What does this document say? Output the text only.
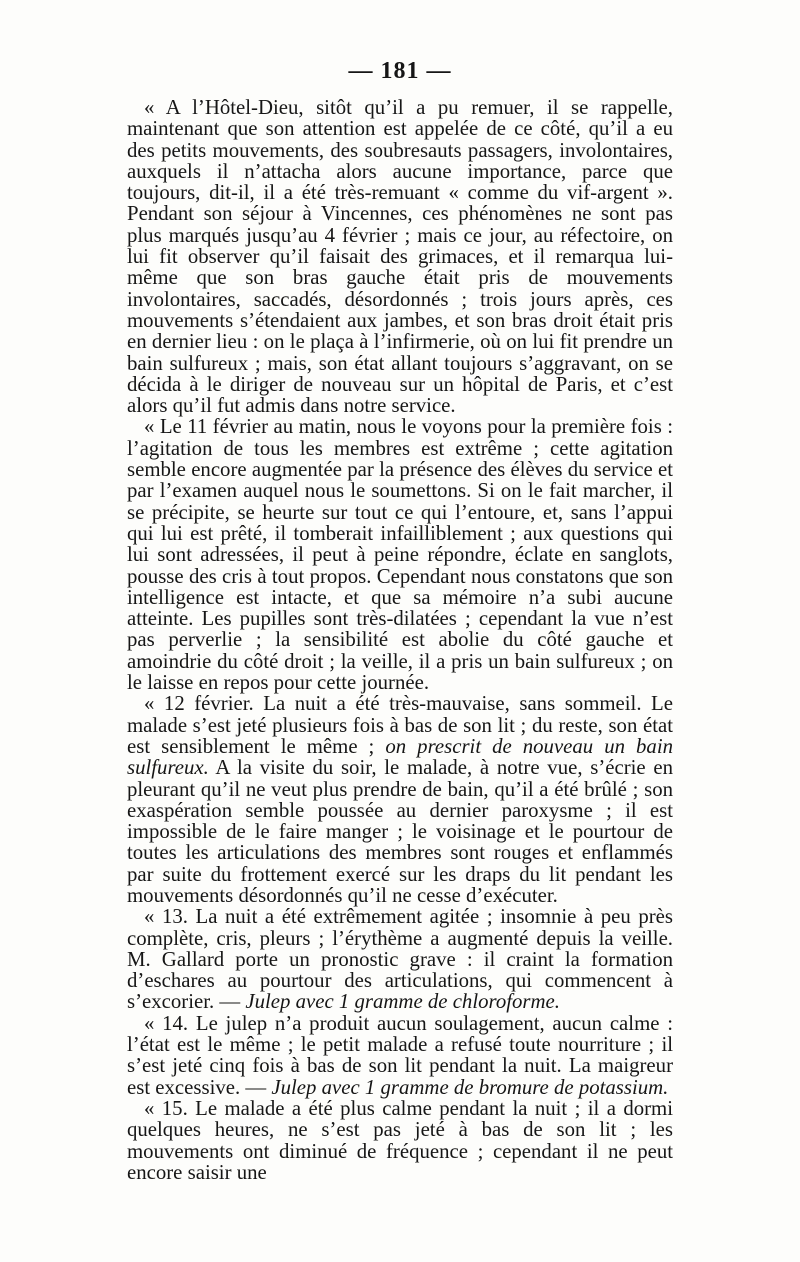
— 181 —

« A l’Hôtel-Dieu, sitôt qu’il a pu remuer, il se rappelle, maintenant que son attention est appelée de ce côté, qu’il a eu des petits mouvements, des soubresauts passagers, involontaires, auxquels il n’attacha alors aucune importance, parce que toujours, dit-il, il a été très-remuant « comme du vif-argent ». Pendant son séjour à Vincennes, ces phénomènes ne sont pas plus marqués jusqu’au 4 février ; mais ce jour, au réfectoire, on lui fit observer qu’il faisait des grimaces, et il remarqua lui-même que son bras gauche était pris de mouvements involontaires, saccadés, désordonnés ; trois jours après, ces mouvements s’étendaient aux jambes, et son bras droit était pris en dernier lieu : on le plaça à l’infirmerie, où on lui fit prendre un bain sulfureux ; mais, son état allant toujours s’aggravant, on se décida à le diriger de nouveau sur un hôpital de Paris, et c’est alors qu’il fut admis dans notre service.

« Le 11 février au matin, nous le voyons pour la première fois : l’agitation de tous les membres est extrême ; cette agitation semble encore augmentée par la présence des élèves du service et par l’examen auquel nous le soumettons. Si on le fait marcher, il se précipite, se heurte sur tout ce qui l’entoure, et, sans l’appui qui lui est prêté, il tomberait infailliblement ; aux questions qui lui sont adressées, il peut à peine répondre, éclate en sanglots, pousse des cris à tout propos. Cependant nous constatons que son intelligence est intacte, et que sa mémoire n’a subi aucune atteinte. Les pupilles sont très-dilatées ; cependant la vue n’est pas perverlie ; la sensibilité est abolie du côté gauche et amoindrie du côté droit ; la veille, il a pris un bain sulfureux ; on le laisse en repos pour cette journée.

« 12 février. La nuit a été très-mauvaise, sans sommeil. Le malade s’est jeté plusieurs fois à bas de son lit ; du reste, son état est sensiblement le même ; on prescrit de nouveau un bain sulfureux. A la visite du soir, le malade, à notre vue, s’écrie en pleurant qu’il ne veut plus prendre de bain, qu’il a été brûlé ; son exaspération semble poussée au dernier paroxysme ; il est impossible de le faire manger ; le voisinage et le pourtour de toutes les articulations des membres sont rouges et enflammés par suite du frottement exercé sur les draps du lit pendant les mouvements désordonnés qu’il ne cesse d’exécuter.

« 13. La nuit a été extrêmement agitée ; insomnie à peu près complète, cris, pleurs ; l’érythème a augmenté depuis la veille. M. Gallard porte un pronostic grave : il craint la formation d’eschares au pourtour des articulations, qui commencent à s’excorier. — Julep avec 1 gramme de chloroforme.

« 14. Le julep n’a produit aucun soulagement, aucun calme : l’état est le même ; le petit malade a refusé toute nourriture ; il s’est jeté cinq fois à bas de son lit pendant la nuit. La maigreur est excessive. — Julep avec 1 gramme de bromure de potassium.

« 15. Le malade a été plus calme pendant la nuit ; il a dormi quelques heures, ne s’est pas jeté à bas de son lit ; les mouvements ont diminué de fréquence ; cependant il ne peut encore saisir une
